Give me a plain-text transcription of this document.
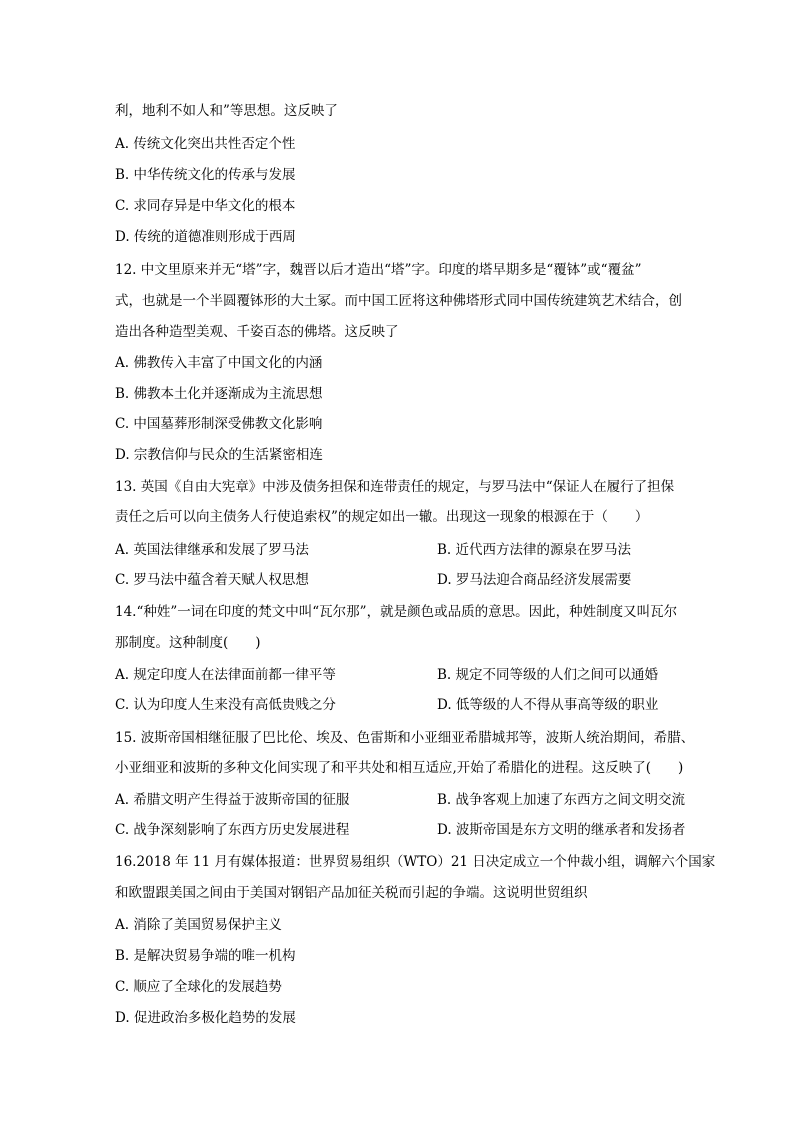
利，地利不如人和”等思想。这反映了
A. 传统文化突出共性否定个性
B. 中华传统文化的传承与发展
C. 求同存异是中华文化的根本
D. 传统的道德准则形成于西周
12. 中文里原来并无“塔”字，魏晋以后才造出“塔”字。印度的塔早期多是“覆钵”或“覆盆”
式，也就是一个半圆覆钵形的大土冢。而中国工匠将这种佛塔形式同中国传统建筑艺术结合，创
造出各种造型美观、千姿百态的佛塔。这反映了
A. 佛教传入丰富了中国文化的内涵
B. 佛教本土化并逐渐成为主流思想
C. 中国墓葬形制深受佛教文化影响
D. 宗教信仰与民众的生活紧密相连
13. 英国《自由大宪章》中涉及债务担保和连带责任的规定，与罗马法中“保证人在履行了担保
责任之后可以向主债务人行使追索权”的规定如出一辙。出现这一现象的根源在于（　　）
A. 英国法律继承和发展了罗马法	B. 近代西方法律的源泉在罗马法
C. 罗马法中蕴含着天赋人权思想	D. 罗马法迎合商品经济发展需要
14.“种姓”一词在印度的梵文中叫“瓦尔那”，就是颜色或品质的意思。因此，种姓制度又叫瓦尔
那制度。这种制度(　　)
A. 规定印度人在法律面前都一律平等	B. 规定不同等级的人们之间可以通婚
C. 认为印度人生来没有高低贵贱之分	D. 低等级的人不得从事高等级的职业
15. 波斯帝国相继征服了巴比伦、埃及、色雷斯和小亚细亚希腊城邦等，波斯人统治期间，希腊、
小亚细亚和波斯的多种文化间实现了和平共处和相互适应,开始了希腊化的进程。这反映了(　　)
A. 希腊文明产生得益于波斯帝国的征服	B. 战争客观上加速了东西方之间文明交流
C. 战争深刻影响了东西方历史发展进程	D. 波斯帝国是东方文明的继承者和发扬者
16.2018 年 11 月有媒体报道：世界贸易组织（WTO）21 日决定成立一个仲裁小组，调解六个国家
和欧盟跟美国之间由于美国对钢铝产品加征关税而引起的争端。这说明世贸组织
A. 消除了美国贸易保护主义
B. 是解决贸易争端的唯一机构
C. 顺应了全球化的发展趋势
D. 促进政治多极化趋势的发展
